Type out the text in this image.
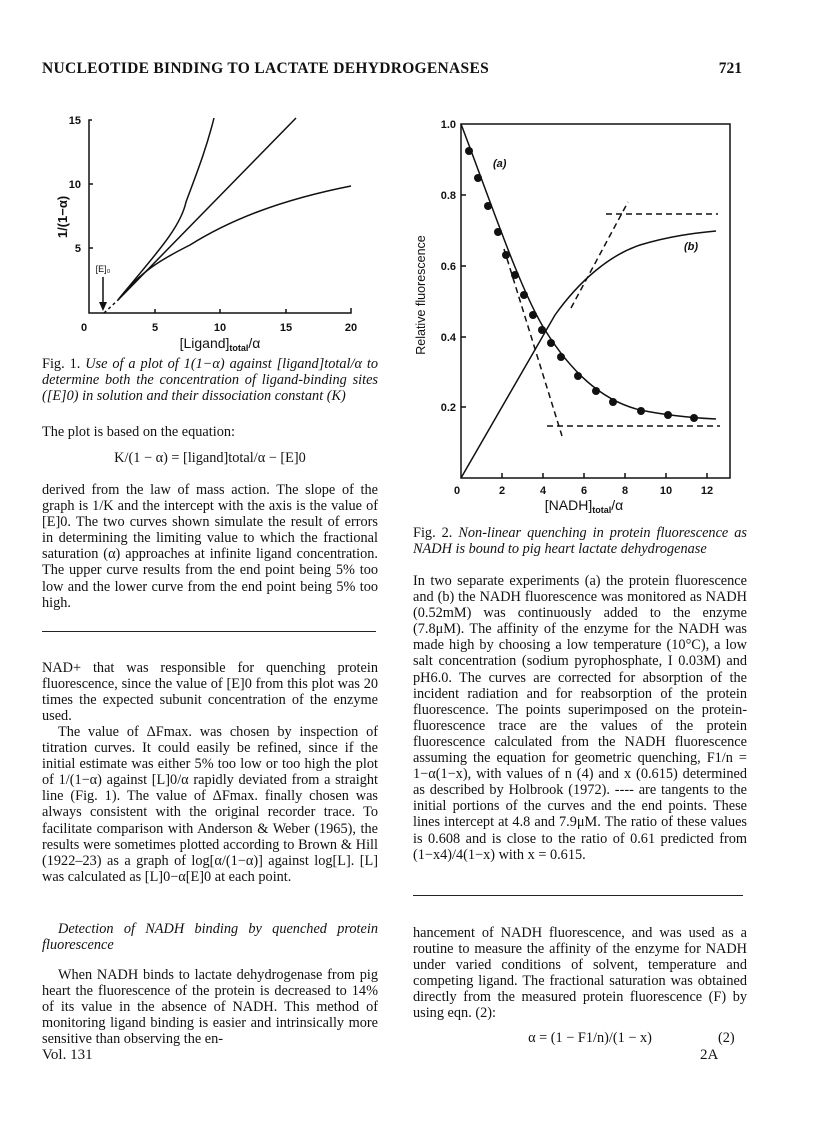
NUCLEOTIDE BINDING TO LACTATE DEHYDROGENASES	721
15
10
5
0	5	10	15	20
[E]₀
1/(1−α)
$[Ligand]_{total}/\alpha$
Fig. 1. Use of a plot of 1(1−α) against [ligand]total/α to determine both the concentration of ligand-binding sites ([E]0) in solution and their dissociation constant (K)
The plot is based on the equation:
K/(1 − α) = [ligand]total/α − [E]0
derived from the law of mass action. The slope of the graph is 1/K and the intercept with the axis is the value of [E]0. The two curves shown simulate the result of errors in determining the limiting value to which the fractional saturation (α) approaches at infinite ligand concentration. The upper curve results from the end point being 5% too low and the lower curve from the end point being 5% too high.
NAD+ that was responsible for quenching protein fluorescence, since the value of [E]0 from this plot was 20 times the expected subunit concentration of the enzyme used.
The value of ΔFmax. was chosen by inspection of titration curves. It could easily be refined, since if the initial estimate was either 5% too low or too high the plot of 1/(1−α) against [L]0/α rapidly deviated from a straight line (Fig. 1). The value of ΔFmax. finally chosen was always consistent with the original recorder trace. To facilitate comparison with Anderson & Weber (1965), the results were sometimes plotted according to Brown & Hill (1922–23) as a graph of log[α/(1−α)] against log[L]. [L] was calculated as [L]0−α[E]0 at each point.
Detection of NADH binding by quenched protein fluorescence
When NADH binds to lactate dehydrogenase from pig heart the fluorescence of the protein is decreased to 14% of its value in the absence of NADH. This method of monitoring ligand binding is easier and intrinsically more sensitive than observing the en-
Vol. 131
1.0
0.8
0.6
0.4
0.2
0	2	4	6	8	10	12
(a)
(b)
Relative fluorescence
$[NADH]_{total}/\alpha$
Fig. 2. Non-linear quenching in protein fluorescence as NADH is bound to pig heart lactate dehydrogenase
In two separate experiments (a) the protein fluorescence and (b) the NADH fluorescence was monitored as NADH (0.52mM) was continuously added to the enzyme (7.8μM). The affinity of the enzyme for the NADH was made high by choosing a low temperature (10°C), a low salt concentration (sodium pyrophosphate, I 0.03M) and pH6.0. The curves are corrected for absorption of the incident radiation and for reabsorption of the protein fluorescence. The points superimposed on the protein-fluorescence trace are the values of the protein fluorescence calculated from the NADH fluorescence assuming the equation for geometric quenching, F1/n = 1−α(1−x), with values of n (4) and x (0.615) determined as described by Holbrook (1972). ---- are tangents to the initial portions of the curves and the end points. These lines intercept at 4.8 and 7.9μM. The ratio of these values is 0.608 and is close to the ratio of 0.61 predicted from (1−x4)/4(1−x) with x = 0.615.
hancement of NADH fluorescence, and was used as a routine to measure the affinity of the enzyme for NADH under varied conditions of solvent, temperature and competing ligand. The fractional saturation was obtained directly from the measured protein fluorescence (F) by using eqn. (2):
α = (1 − F1/n)/(1 − x)	(2)
2A
